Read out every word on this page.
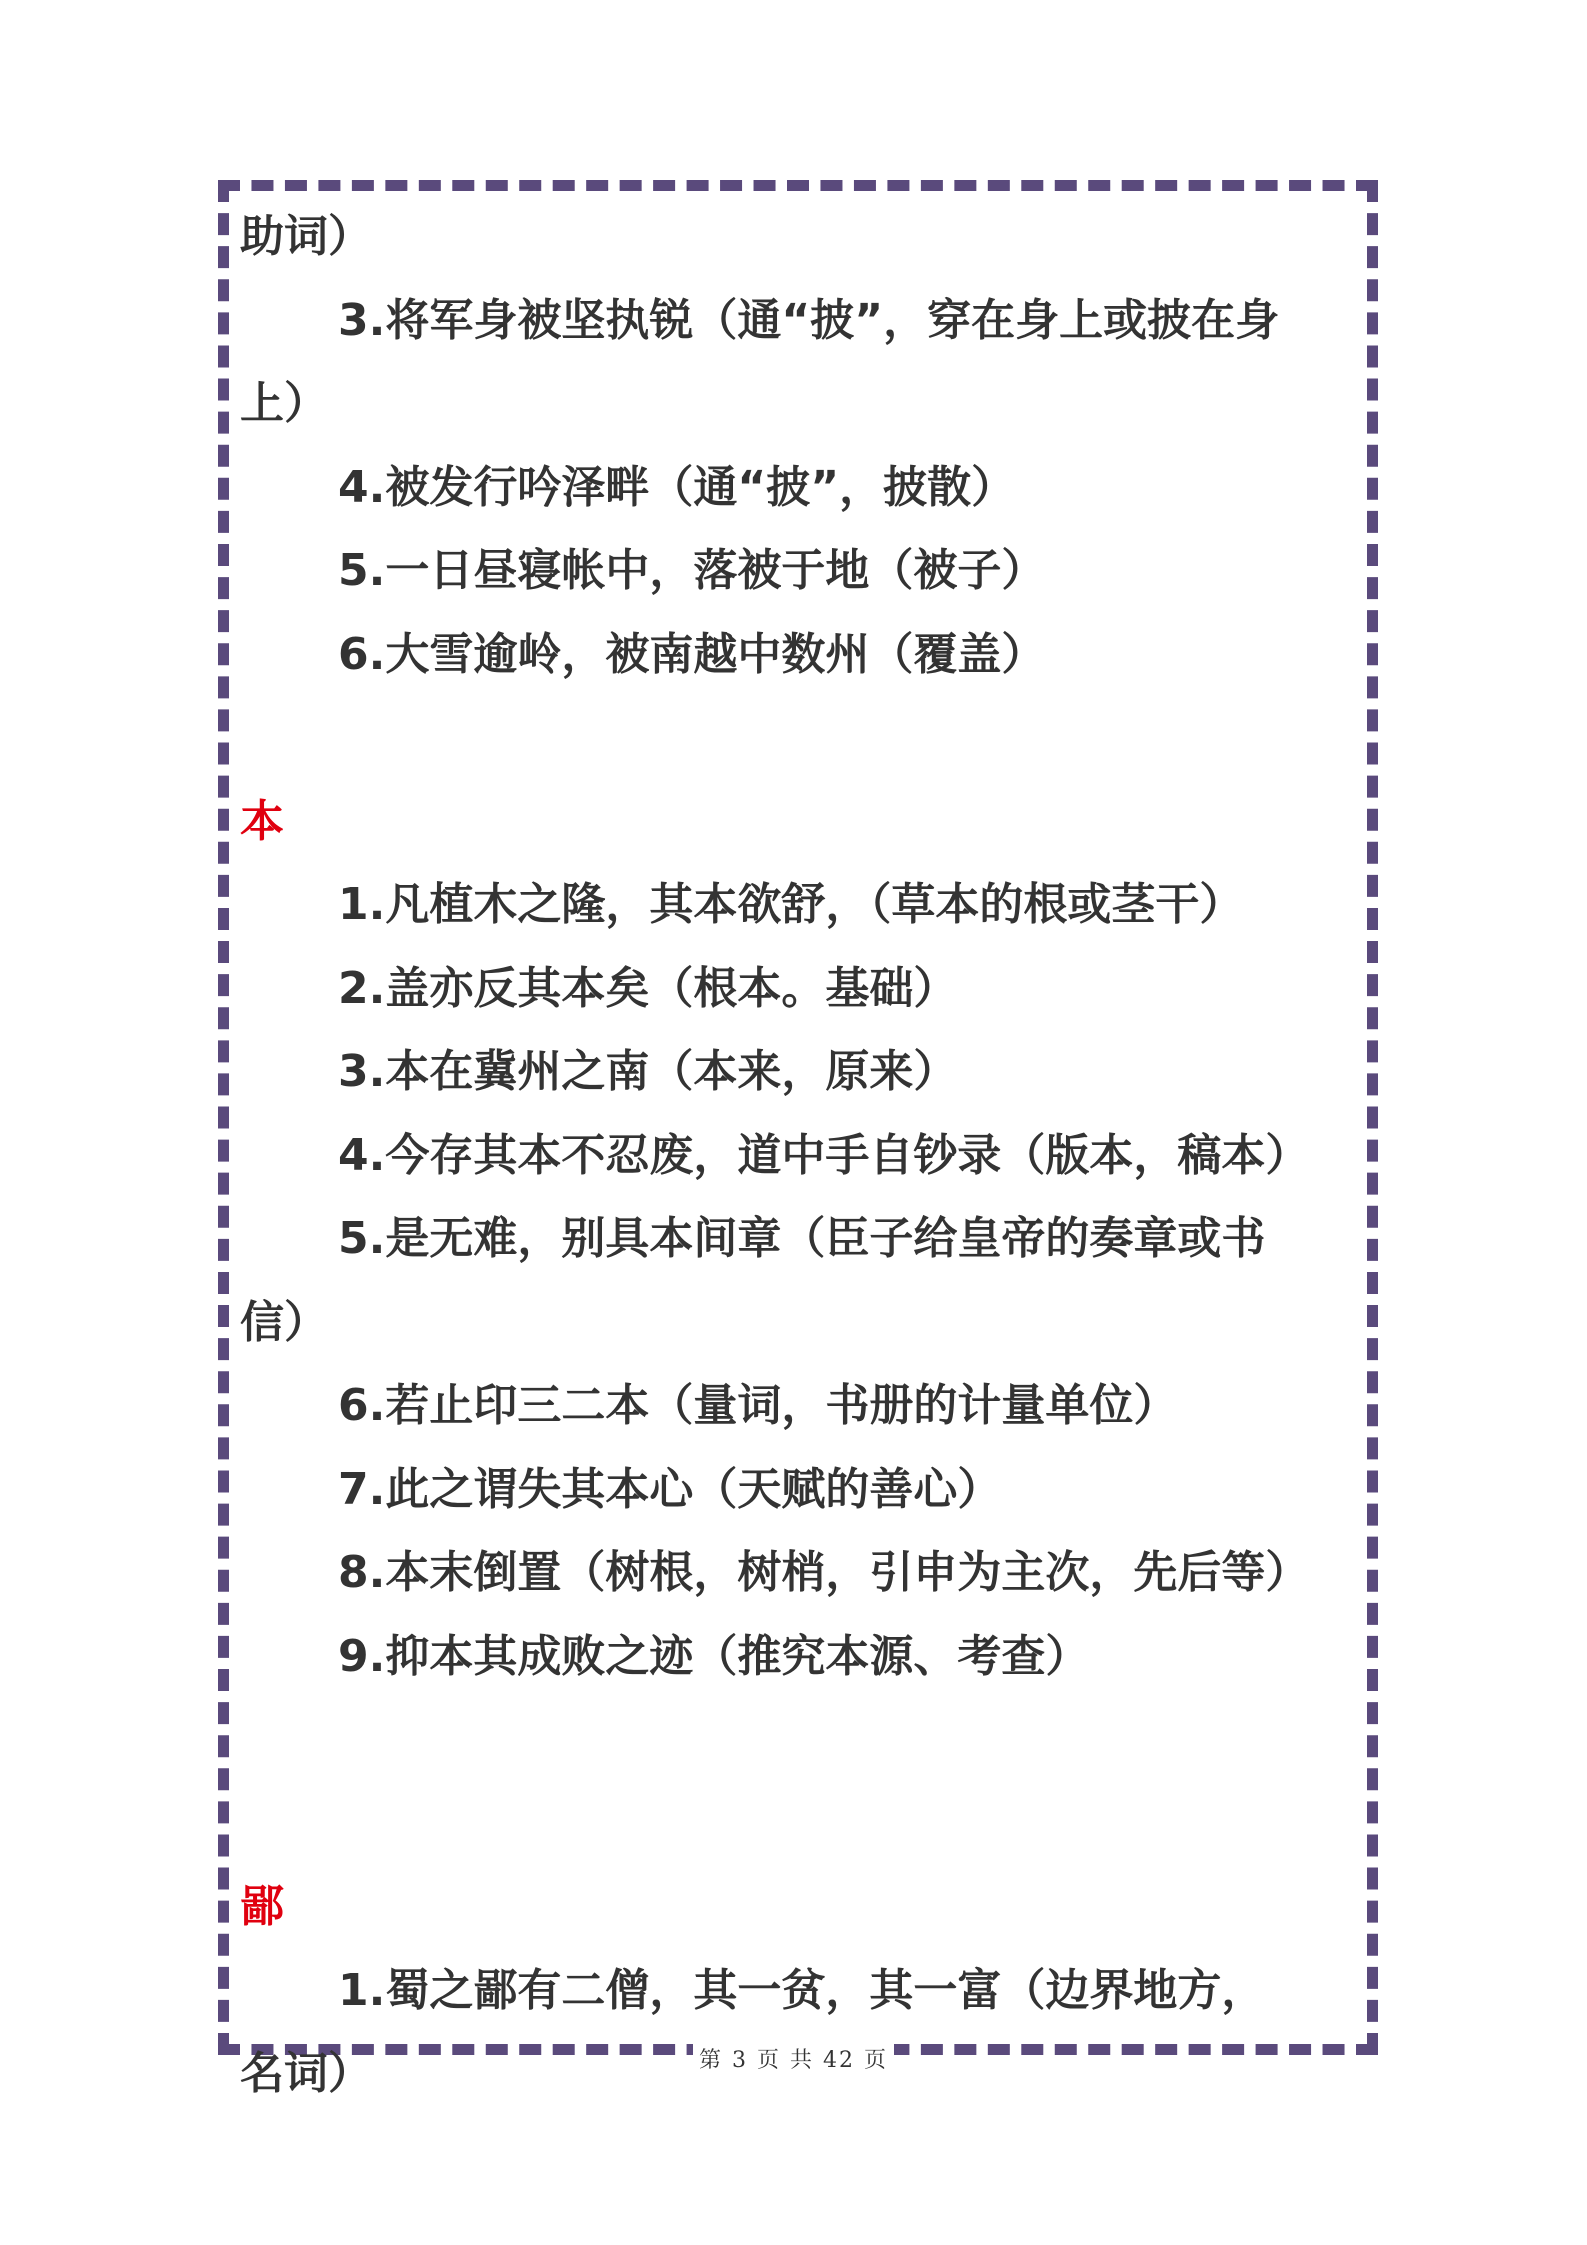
助词）
3.将军身被坚执锐（通“披”，穿在身上或披在身
上）
4.被发行吟泽畔（通“披”，披散）
5.一日昼寝帐中，落被于地（被子）
6.大雪逾岭，被南越中数州（覆盖）
本
1.凡植木之隆，其本欲舒，（草本的根或茎干）
2.盖亦反其本矣（根本。基础）
3.本在冀州之南（本来，原来）
4.今存其本不忍废，道中手自钞录（版本，稿本）
5.是无难，别具本间章（臣子给皇帝的奏章或书
信）
6.若止印三二本（量词，书册的计量单位）
7.此之谓失其本心（天赋的善心）
8.本末倒置（树根，树梢，引申为主次，先后等）
9.抑本其成败之迹（推究本源、考查）
鄙
1.蜀之鄙有二僧，其一贫，其一富（边界地方，
名词）	第 3 页 共 42 页
